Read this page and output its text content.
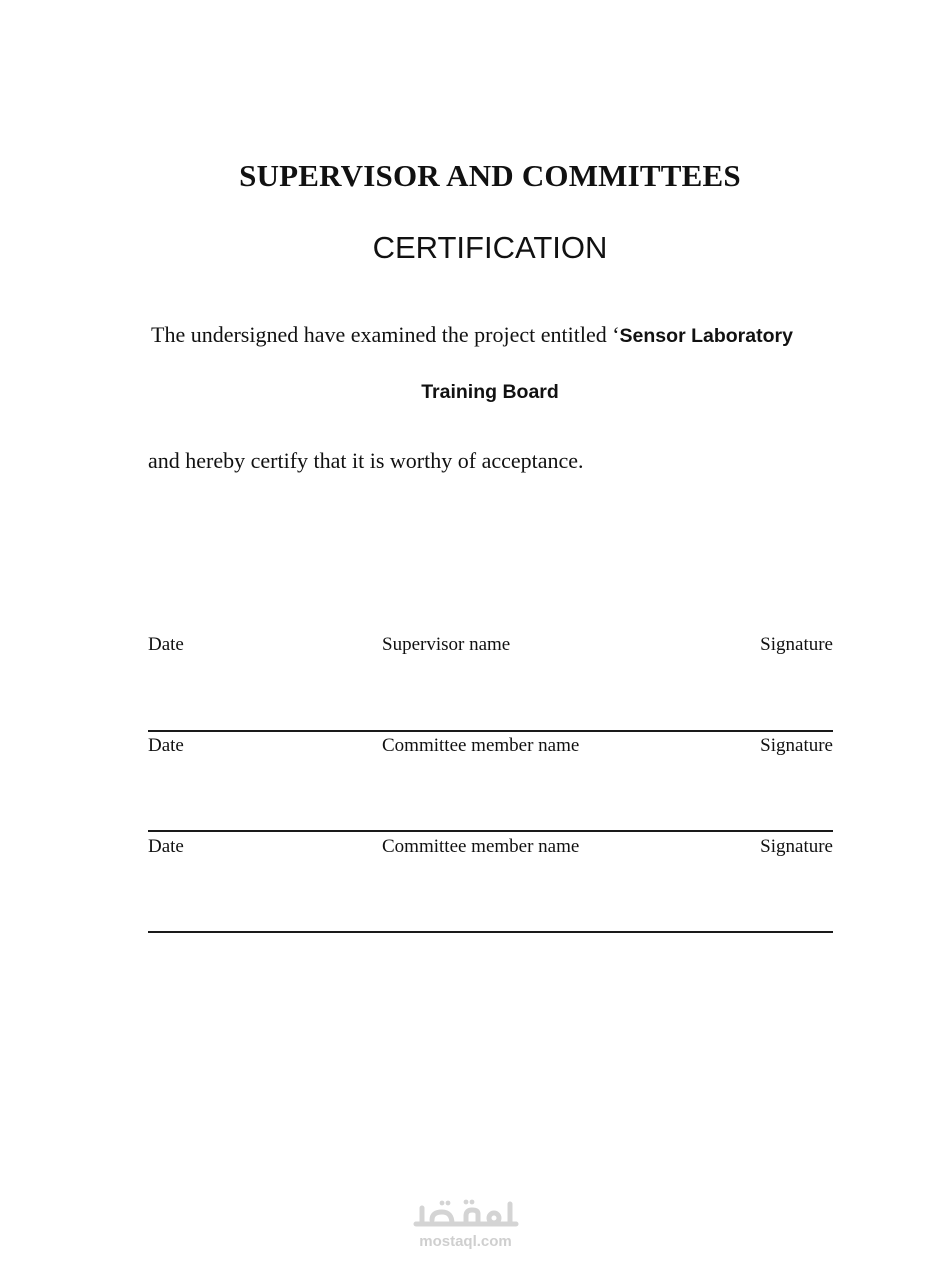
SUPERVISOR AND COMMITTEES
CERTIFICATION
The undersigned have examined the project entitled ‘Sensor Laboratory
Training Board
and hereby certify that it is worthy of acceptance.
Date	Supervisor name	Signature
Date	Committee member name	Signature
Date	Committee member name	Signature
mostaql.com
